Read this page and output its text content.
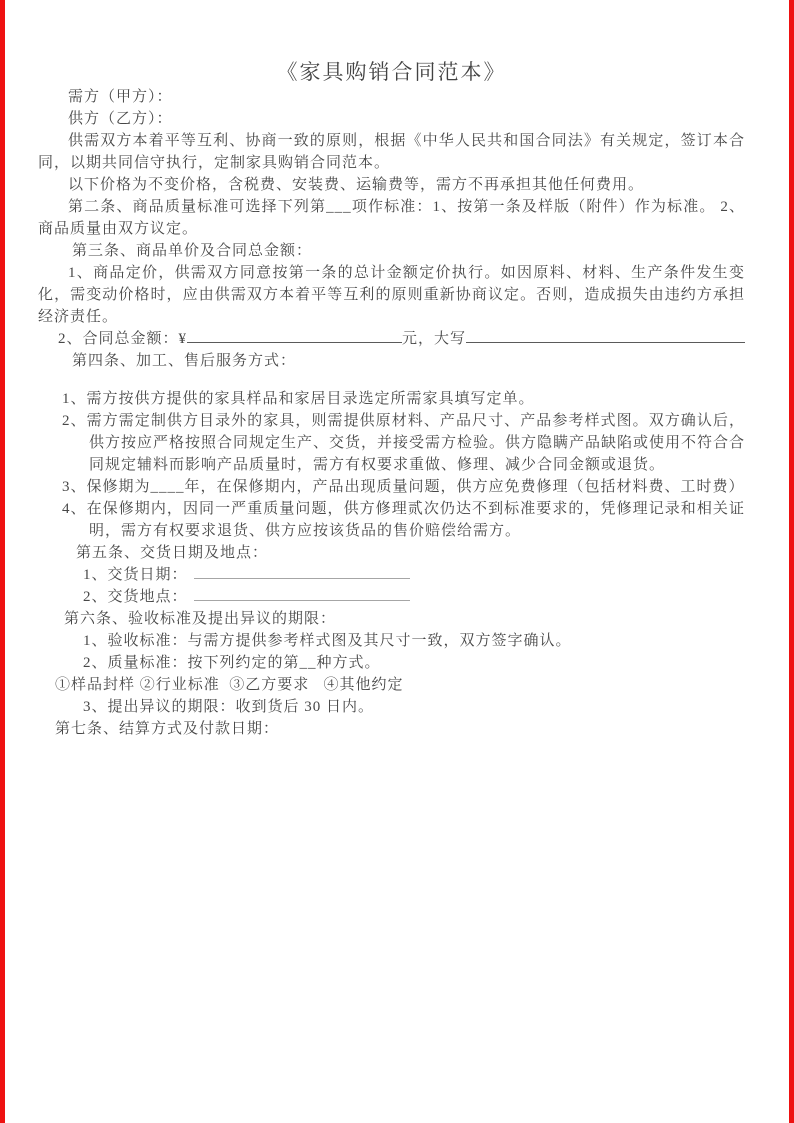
《家具购销合同范本》

需方（甲方）：

供方（乙方）：

供需双方本着平等互利、协商一致的原则，根据《中华人民共和国合同法》有关规定，签订本合同，以期共同信守执行，定制家具购销合同范本。

以下价格为不变价格，含税费、安装费、运输费等，需方不再承担其他任何费用。

第二条、商品质量标准可选择下列第___项作标准：1、按第一条及样版（附件）作为标准。 2、商品质量由双方议定。

第三条、商品单价及合同总金额：

1、商品定价，供需双方同意按第一条的总计金额定价执行。如因原料、材料、生产条件发生变化，需变动价格时，应由供需双方本着平等互利的原则重新协商议定。否则，造成损失由违约方承担经济责任。

2、合同总金额：¥	元，大写

第四条、加工、售后服务方式：

1、需方按供方提供的家具样品和家居目录选定所需家具填写定单。
2、需方需定制供方目录外的家具，则需提供原材料、产品尺寸、产品参考样式图。双方确认后，供方按应严格按照合同规定生产、交货，并接受需方检验。供方隐瞒产品缺陷或使用不符合合同规定辅料而影响产品质量时，需方有权要求重做、修理、减少合同金额或退货。
3、保修期为____年，在保修期内，产品出现质量问题，供方应免费修理（包括材料费、工时费）
4、在保修期内，因同一严重质量问题，供方修理贰次仍达不到标准要求的，凭修理记录和相关证明，需方有权要求退货、供方应按该货品的售价赔偿给需方。

第五条、交货日期及地点：

1、交货日期：

2、交货地点：

第六条、验收标准及提出异议的期限：

1、验收标准：与需方提供参考样式图及其尺寸一致，双方签字确认。

2、质量标准：按下列约定的第__种方式。

①样品封样 ②行业标准  ③乙方要求   ④其他约定

3、提出异议的期限：收到货后 30 日内。

第七条、结算方式及付款日期：
